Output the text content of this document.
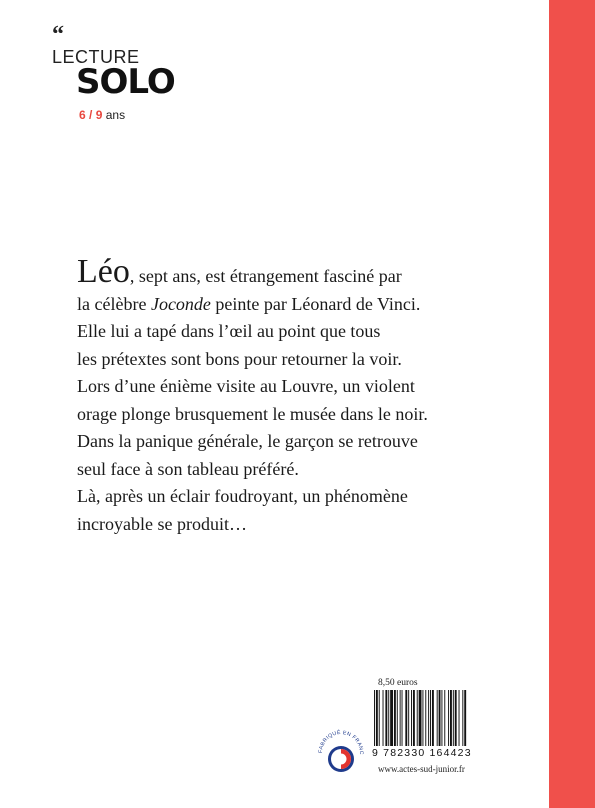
“
LECTURE
SOLO
6 / 9 ans

Léo, sept ans, est étrangement fasciné par

la célèbre Joconde peinte par Léonard de Vinci.

Elle lui a tapé dans l’œil au point que tous

les prétextes sont bons pour retourner la voir.

Lors d’une énième visite au Louvre, un violent

orage plonge brusquement le musée dans le noir.

Dans la panique générale, le garçon se retrouve

seul face à son tableau préféré.

Là, après un éclair foudroyant, un phénomène

incroyable se produit…

8,50 euros
FABRIQUÉ EN FRANC 9 782330 164423
www.actes-sud-junior.fr
